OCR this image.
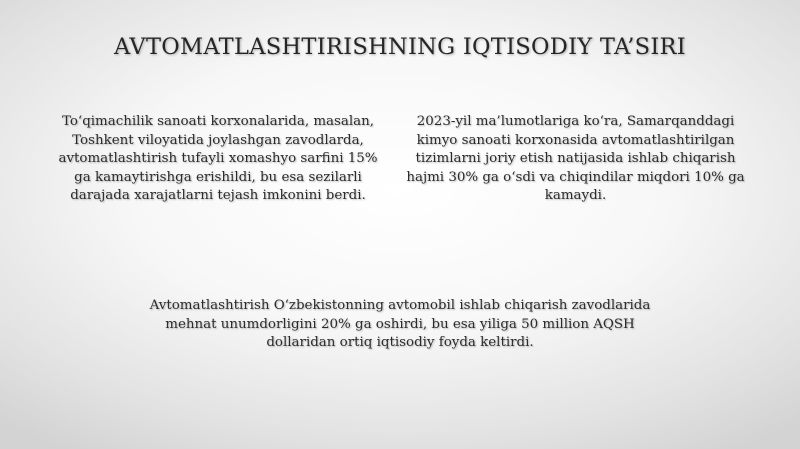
AVTOMATLASHTIRISHNING IQTISODIY TA’SIRI

To‘qimachilik sanoati korxonalarida, masalan, Toshkent viloyatida joylashgan zavodlarda, avtomatlashtirish tufayli xomashyo sarfini 15% ga kamaytirishga erishildi, bu esa sezilarli darajada xarajatlarni tejash imkonini berdi.

2023-yil ma’lumotlariga ko‘ra, Samarqanddagi kimyo sanoati korxonasida avtomatlashtirilgan tizimlarni joriy etish natijasida ishlab chiqarish hajmi 30% ga o‘sdi va chiqindilar miqdori 10% ga kamaydi.

Avtomatlashtirish O‘zbekistonning avtomobil ishlab chiqarish zavodlarida mehnat unumdorligini 20% ga oshirdi, bu esa yiliga 50 million AQSH dollaridan ortiq iqtisodiy foyda keltirdi.
